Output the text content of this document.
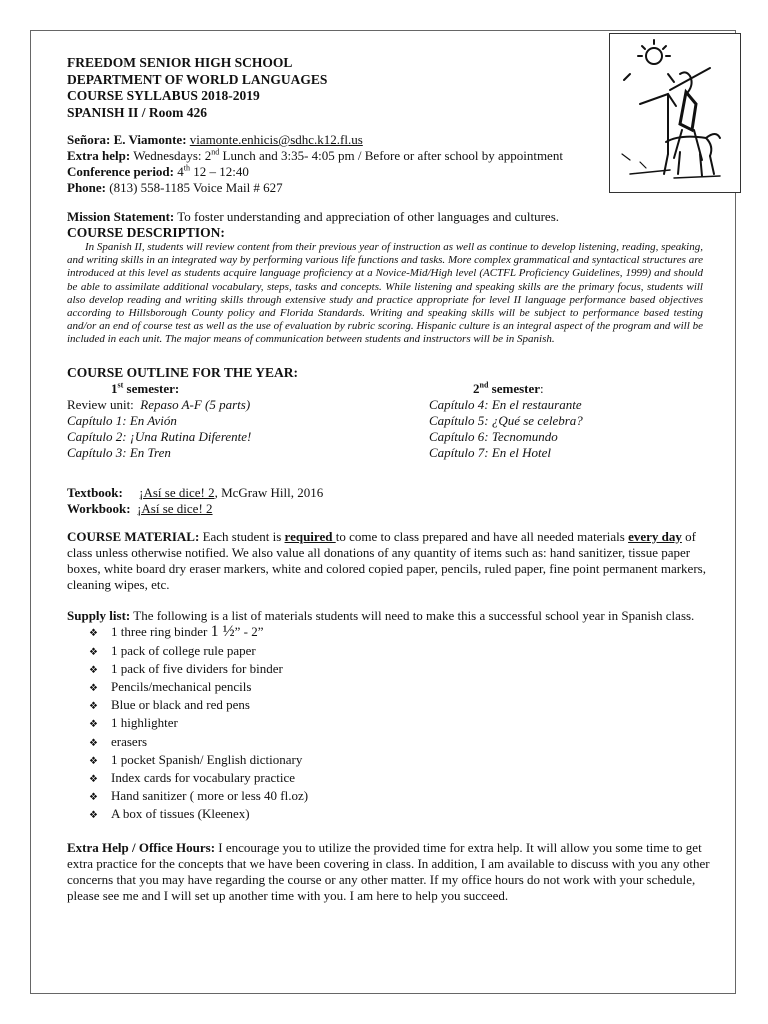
FREEDOM SENIOR HIGH SCHOOL
DEPARTMENT OF WORLD LANGUAGES
COURSE SYLLABUS 2018-2019
SPANISH II / Room 426
Señora: E. Viamonte: viamonte.enhicis@sdhc.k12.fl.us
Extra help: Wednesdays: 2nd Lunch and 3:35- 4:05 pm / Before or after school by appointment
Conference period: 4th 12 – 12:40
Phone: (813) 558-1185 Voice Mail # 627
Mission Statement: To foster understanding and appreciation of other languages and cultures.
COURSE DESCRIPTION:
In Spanish II, students will review content from their previous year of instruction as well as continue to develop listening, reading, speaking, and writing skills in an integrated way by performing various life functions and tasks. More complex grammatical and syntactical structures are introduced at this level as students acquire language proficiency at a Novice-Mid/High level (ACTFL Proficiency Guidelines, 1999) and should be able to assimilate additional vocabulary, steps, tasks and concepts. While listening and speaking skills are the primary focus, students will also develop reading and writing skills through extensive study and practice appropriate for level II language performance based objectives according to Hillsborough County policy and Florida Standards. Writing and speaking skills will be subject to performance based testing and/or an end of course test as well as the use of evaluation by rubric scoring. Hispanic culture is an integral aspect of the program and will be included in each unit. The major means of communication between students and instructors will be in Spanish.
COURSE OUTLINE FOR THE YEAR:
1st semester:
Review unit: Repaso A-F (5 parts)
Capítulo 1: En Avión
Capítulo 2: ¡Una Rutina Diferente!
Capítulo 3: En Tren
2nd semester:
Capítulo 4: En el restaurante
Capítulo 5: ¿Qué se celebra?
Capítulo 6: Tecnomundo
Capítulo 7: En el Hotel
Textbook: ¡Así se dice! 2, McGraw Hill, 2016
Workbook: ¡Así se dice! 2
COURSE MATERIAL: Each student is required to come to class prepared and have all needed materials every day of class unless otherwise notified. We also value all donations of any quantity of items such as: hand sanitizer, tissue paper boxes, white board dry eraser markers, white and colored copied paper, pencils, ruled paper, fine point permanent markers, cleaning wipes, etc.
Supply list: The following is a list of materials students will need to make this a successful school year in Spanish class.
❖ 1 three ring binder 1 ½” - 2”
❖ 1 pack of college rule paper
❖ 1 pack of five dividers for binder
❖ Pencils/mechanical pencils
❖ Blue or black and red pens
❖ 1 highlighter
❖ erasers
❖ 1 pocket Spanish/ English dictionary
❖ Index cards for vocabulary practice
❖ Hand sanitizer ( more or less 40 fl.oz)
❖ A box of tissues (Kleenex)
Extra Help / Office Hours: I encourage you to utilize the provided time for extra help. It will allow you some time to get extra practice for the concepts that we have been covering in class. In addition, I am available to discuss with you any other concerns that you may have regarding the course or any other matter. If my office hours do not work with your schedule, please see me and I will set up another time with you. I am here to help you succeed.
